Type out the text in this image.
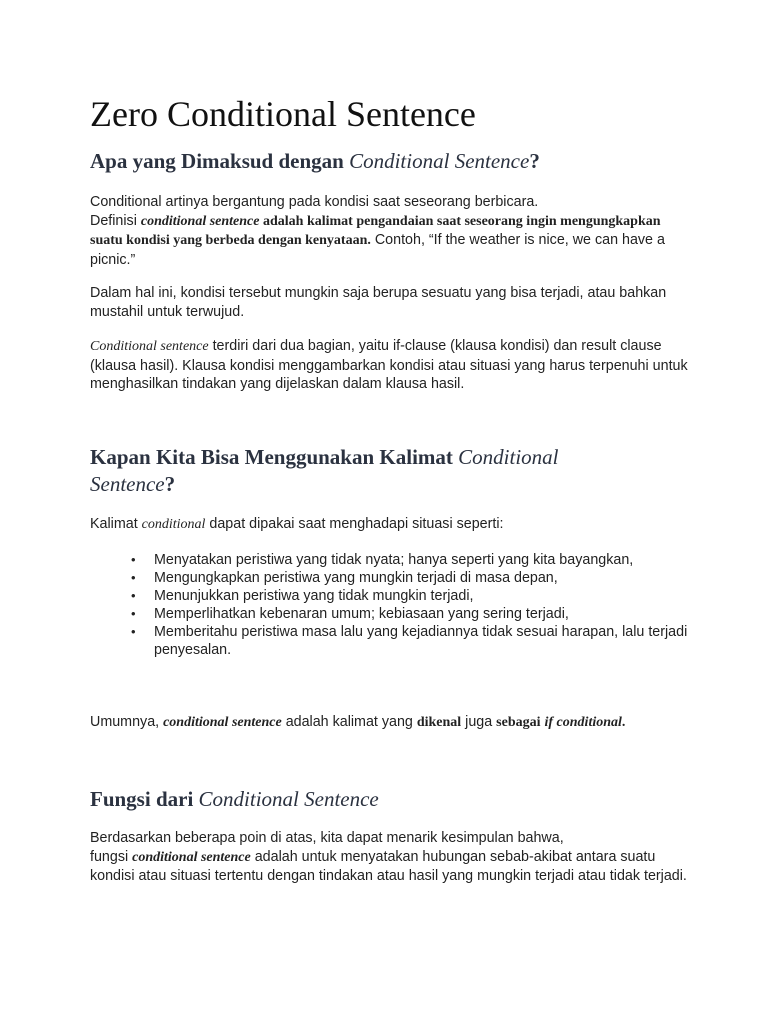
Zero Conditional Sentence
Apa yang Dimaksud dengan Conditional Sentence?

Conditional artinya bergantung pada kondisi saat seseorang berbicara.
Definisi conditional sentence adalah kalimat pengandaian saat seseorang ingin mengungkapkan suatu kondisi yang berbeda dengan kenyataan. Contoh, “If the weather is nice, we can have a picnic.”

Dalam hal ini, kondisi tersebut mungkin saja berupa sesuatu yang bisa terjadi, atau bahkan mustahil untuk terwujud.

Conditional sentence terdiri dari dua bagian, yaitu if-clause (klausa kondisi) dan result clause (klausa hasil). Klausa kondisi menggambarkan kondisi atau situasi yang harus terpenuhi untuk menghasilkan tindakan yang dijelaskan dalam klausa hasil.

Kapan Kita Bisa Menggunakan Kalimat Conditional Sentence?

Kalimat conditional dapat dipakai saat menghadapi situasi seperti:

• Menyatakan peristiwa yang tidak nyata; hanya seperti yang kita bayangkan,
• Mengungkapkan peristiwa yang mungkin terjadi di masa depan,
• Menunjukkan peristiwa yang tidak mungkin terjadi,
• Memperlihatkan kebenaran umum; kebiasaan yang sering terjadi,
• Memberitahu peristiwa masa lalu yang kejadiannya tidak sesuai harapan, lalu terjadi penyesalan.

Umumnya, conditional sentence adalah kalimat yang dikenal juga sebagai if conditional.

Fungsi dari Conditional Sentence

Berdasarkan beberapa poin di atas, kita dapat menarik kesimpulan bahwa,
fungsi conditional sentence adalah untuk menyatakan hubungan sebab-akibat antara suatu kondisi atau situasi tertentu dengan tindakan atau hasil yang mungkin terjadi atau tidak terjadi.
